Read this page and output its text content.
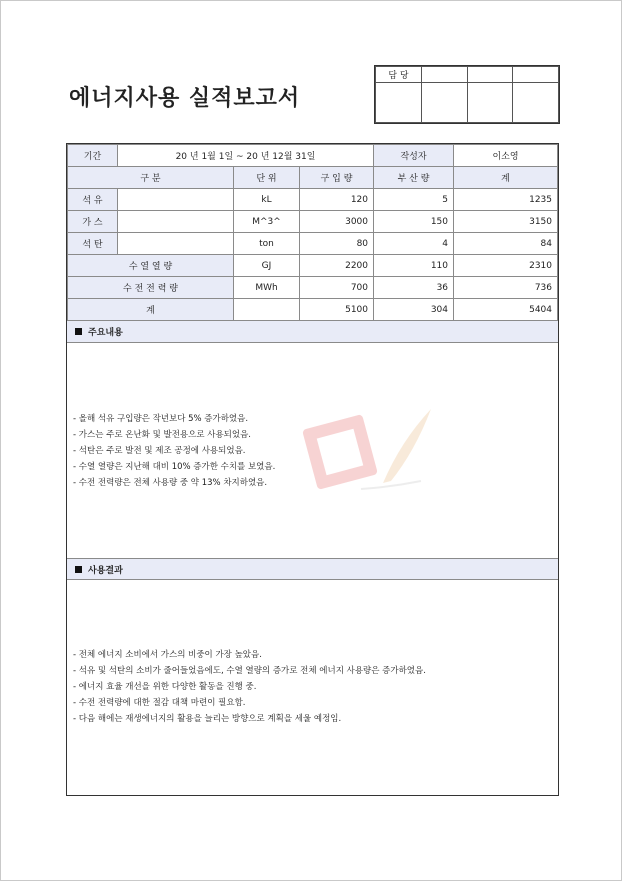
에너지사용 실적보고서
담 당			

기간	20 년 1월 1일 ~ 20 년 12월 31일			작성자	이소영
구 분		단 위	구 입 량	부 산 량	계
석 유		kL	120	5	1235
가 스		M^3^	3000	150	3150
석 탄		ton	80	4	84
수 열 열 량		GJ	2200	110	2310
수 전 전 력 량		MWh	700	36	736
계			5100	304	5404
주요내용
- 올해 석유 구입량은 작년보다 5% 증가하였음.
- 가스는 주로 온난화 및 발전용으로 사용되었음.
- 석탄은 주로 발전 및 제조 공정에 사용되었음.
- 수열 열량은 지난해 대비 10% 증가한 수치를 보였음.
- 수전 전력량은 전체 사용량 중 약 13% 차지하였음.
사용결과
- 전체 에너지 소비에서 가스의 비중이 가장 높았음.
- 석유 및 석탄의 소비가 줄어들었음에도, 수열 열량의 증가로 전체 에너지 사용량은 증가하였음.
- 에너지 효율 개선을 위한 다양한 활동을 진행 중.
- 수전 전력량에 대한 절감 대책 마련이 필요함.
- 다음 해에는 재생에너지의 활용을 늘리는 방향으로 계획을 세울 예정임.
